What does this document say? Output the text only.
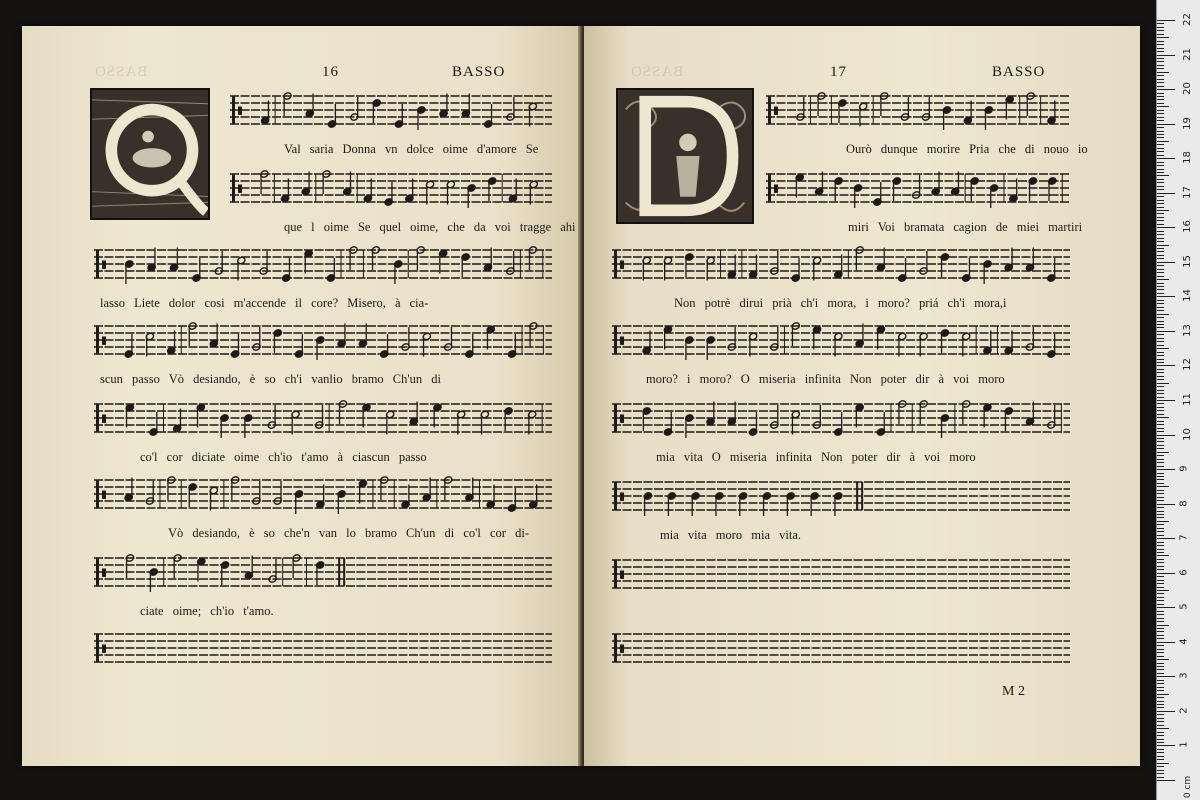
BASSO	16	BASSO
Val saria Donna vn dolce oime d'amore Se
que l oime Se quel oime, che da voi tragge ahi
lasso Liete dolor cosi m'accende il core? Misero, à cia-
scun passo Vò desiando, è so ch'i vanlio bramo Ch'un di
co'l cor diciate oime ch'io t'amo à ciascun passo
Vò desiando, è so che'n van lo bramo Ch'un di co'l cor di-
ciate oime; ch'io t'amo.
BASSO	17	BASSO
Ourò dunque morire Pria che di nouo io
miri Voi bramata cagion de miei martiri
Non potrè dirui prià ch'i mora, i moro? priá ch'i mora,i
moro? i moro? O miseria infinita Non poter dir à voi moro
mia vita O miseria infinita Non poter dir à voi moro
mia vita moro mia vita.
M 2
1
2
3
4
5
6
7
8
9
10
11
12
13
14
15
16
17
18
19
20
21
22
0 cm
